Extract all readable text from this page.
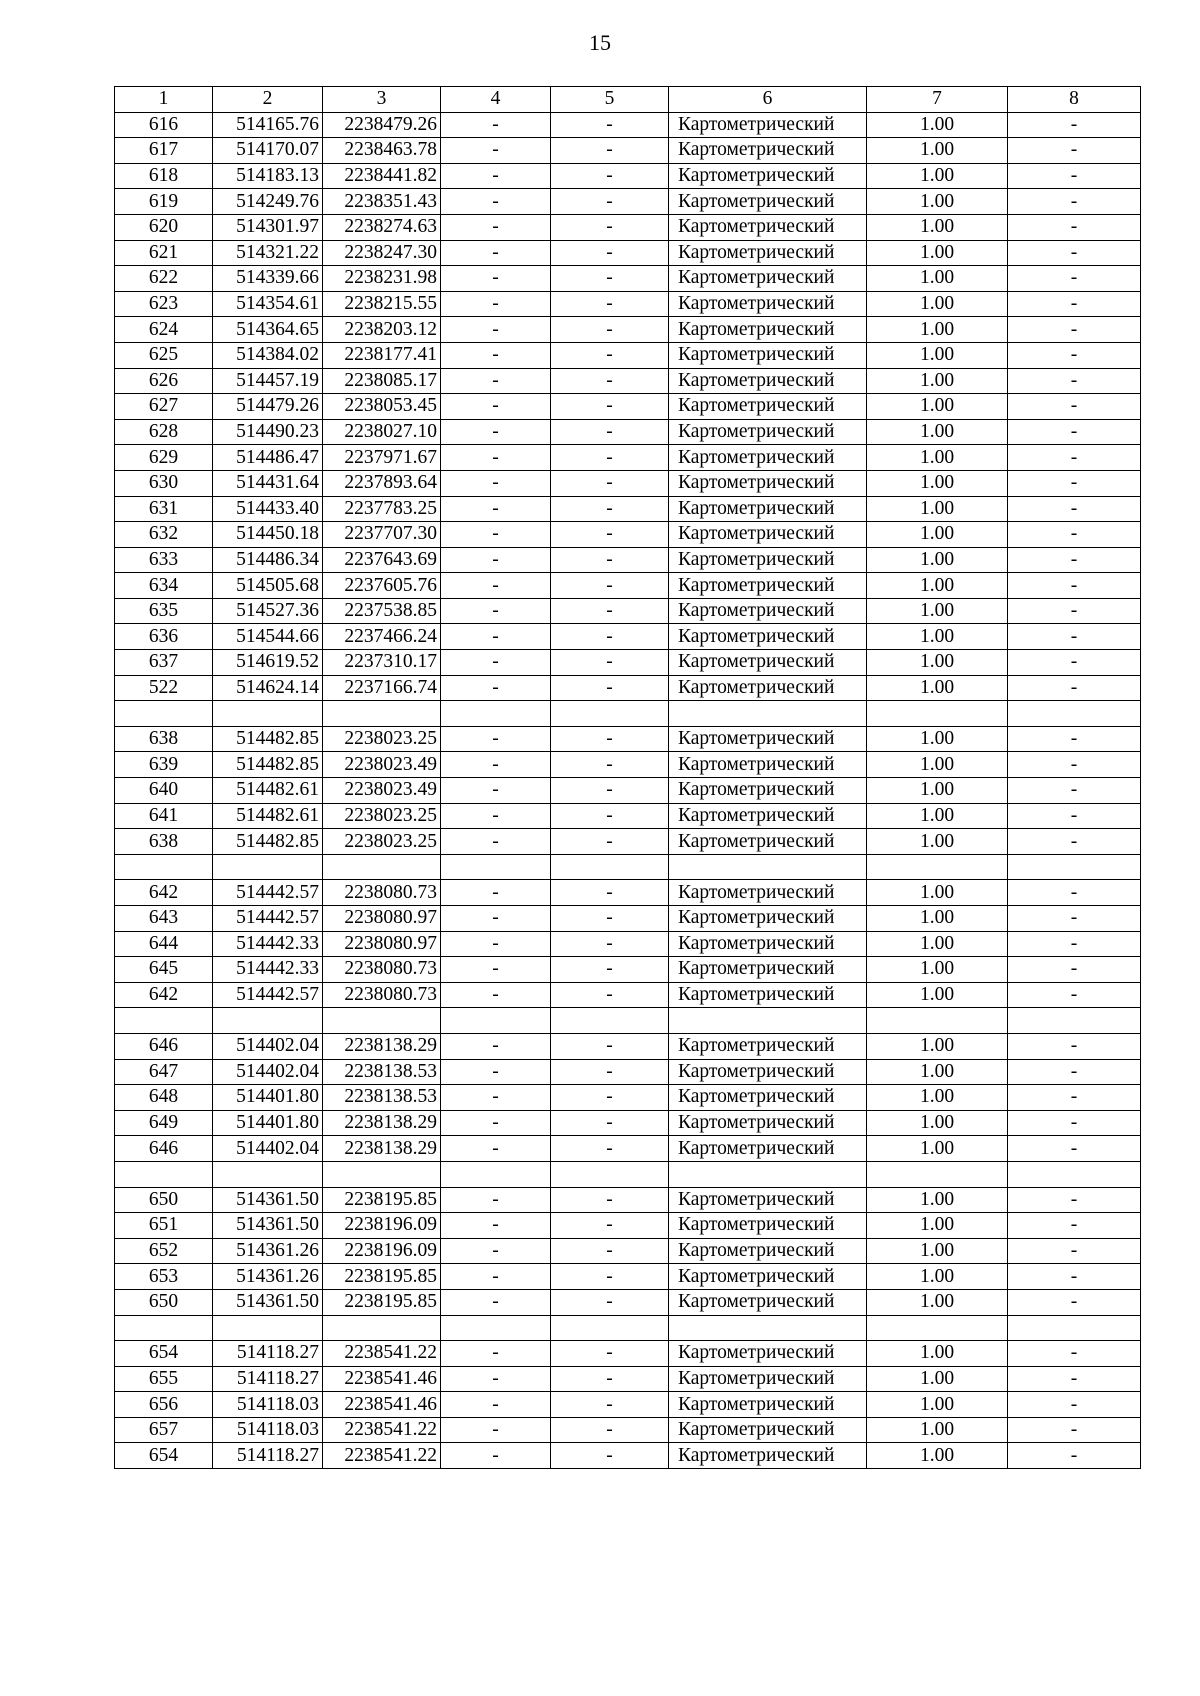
15
1	2	3	4	5	6	7	8
616	514165.76	2238479.26	-	-	Картометрический	1.00	-
617	514170.07	2238463.78	-	-	Картометрический	1.00	-
618	514183.13	2238441.82	-	-	Картометрический	1.00	-
619	514249.76	2238351.43	-	-	Картометрический	1.00	-
620	514301.97	2238274.63	-	-	Картометрический	1.00	-
621	514321.22	2238247.30	-	-	Картометрический	1.00	-
622	514339.66	2238231.98	-	-	Картометрический	1.00	-
623	514354.61	2238215.55	-	-	Картометрический	1.00	-
624	514364.65	2238203.12	-	-	Картометрический	1.00	-
625	514384.02	2238177.41	-	-	Картометрический	1.00	-
626	514457.19	2238085.17	-	-	Картометрический	1.00	-
627	514479.26	2238053.45	-	-	Картометрический	1.00	-
628	514490.23	2238027.10	-	-	Картометрический	1.00	-
629	514486.47	2237971.67	-	-	Картометрический	1.00	-
630	514431.64	2237893.64	-	-	Картометрический	1.00	-
631	514433.40	2237783.25	-	-	Картометрический	1.00	-
632	514450.18	2237707.30	-	-	Картометрический	1.00	-
633	514486.34	2237643.69	-	-	Картометрический	1.00	-
634	514505.68	2237605.76	-	-	Картометрический	1.00	-
635	514527.36	2237538.85	-	-	Картометрический	1.00	-
636	514544.66	2237466.24	-	-	Картометрический	1.00	-
637	514619.52	2237310.17	-	-	Картометрический	1.00	-
522	514624.14	2237166.74	-	-	Картометрический	1.00	-

638	514482.85	2238023.25	-	-	Картометрический	1.00	-
639	514482.85	2238023.49	-	-	Картометрический	1.00	-
640	514482.61	2238023.49	-	-	Картометрический	1.00	-
641	514482.61	2238023.25	-	-	Картометрический	1.00	-
638	514482.85	2238023.25	-	-	Картометрический	1.00	-

642	514442.57	2238080.73	-	-	Картометрический	1.00	-
643	514442.57	2238080.97	-	-	Картометрический	1.00	-
644	514442.33	2238080.97	-	-	Картометрический	1.00	-
645	514442.33	2238080.73	-	-	Картометрический	1.00	-
642	514442.57	2238080.73	-	-	Картометрический	1.00	-

646	514402.04	2238138.29	-	-	Картометрический	1.00	-
647	514402.04	2238138.53	-	-	Картометрический	1.00	-
648	514401.80	2238138.53	-	-	Картометрический	1.00	-
649	514401.80	2238138.29	-	-	Картометрический	1.00	-
646	514402.04	2238138.29	-	-	Картометрический	1.00	-

650	514361.50	2238195.85	-	-	Картометрический	1.00	-
651	514361.50	2238196.09	-	-	Картометрический	1.00	-
652	514361.26	2238196.09	-	-	Картометрический	1.00	-
653	514361.26	2238195.85	-	-	Картометрический	1.00	-
650	514361.50	2238195.85	-	-	Картометрический	1.00	-

654	514118.27	2238541.22	-	-	Картометрический	1.00	-
655	514118.27	2238541.46	-	-	Картометрический	1.00	-
656	514118.03	2238541.46	-	-	Картометрический	1.00	-
657	514118.03	2238541.22	-	-	Картометрический	1.00	-
654	514118.27	2238541.22	-	-	Картометрический	1.00	-
